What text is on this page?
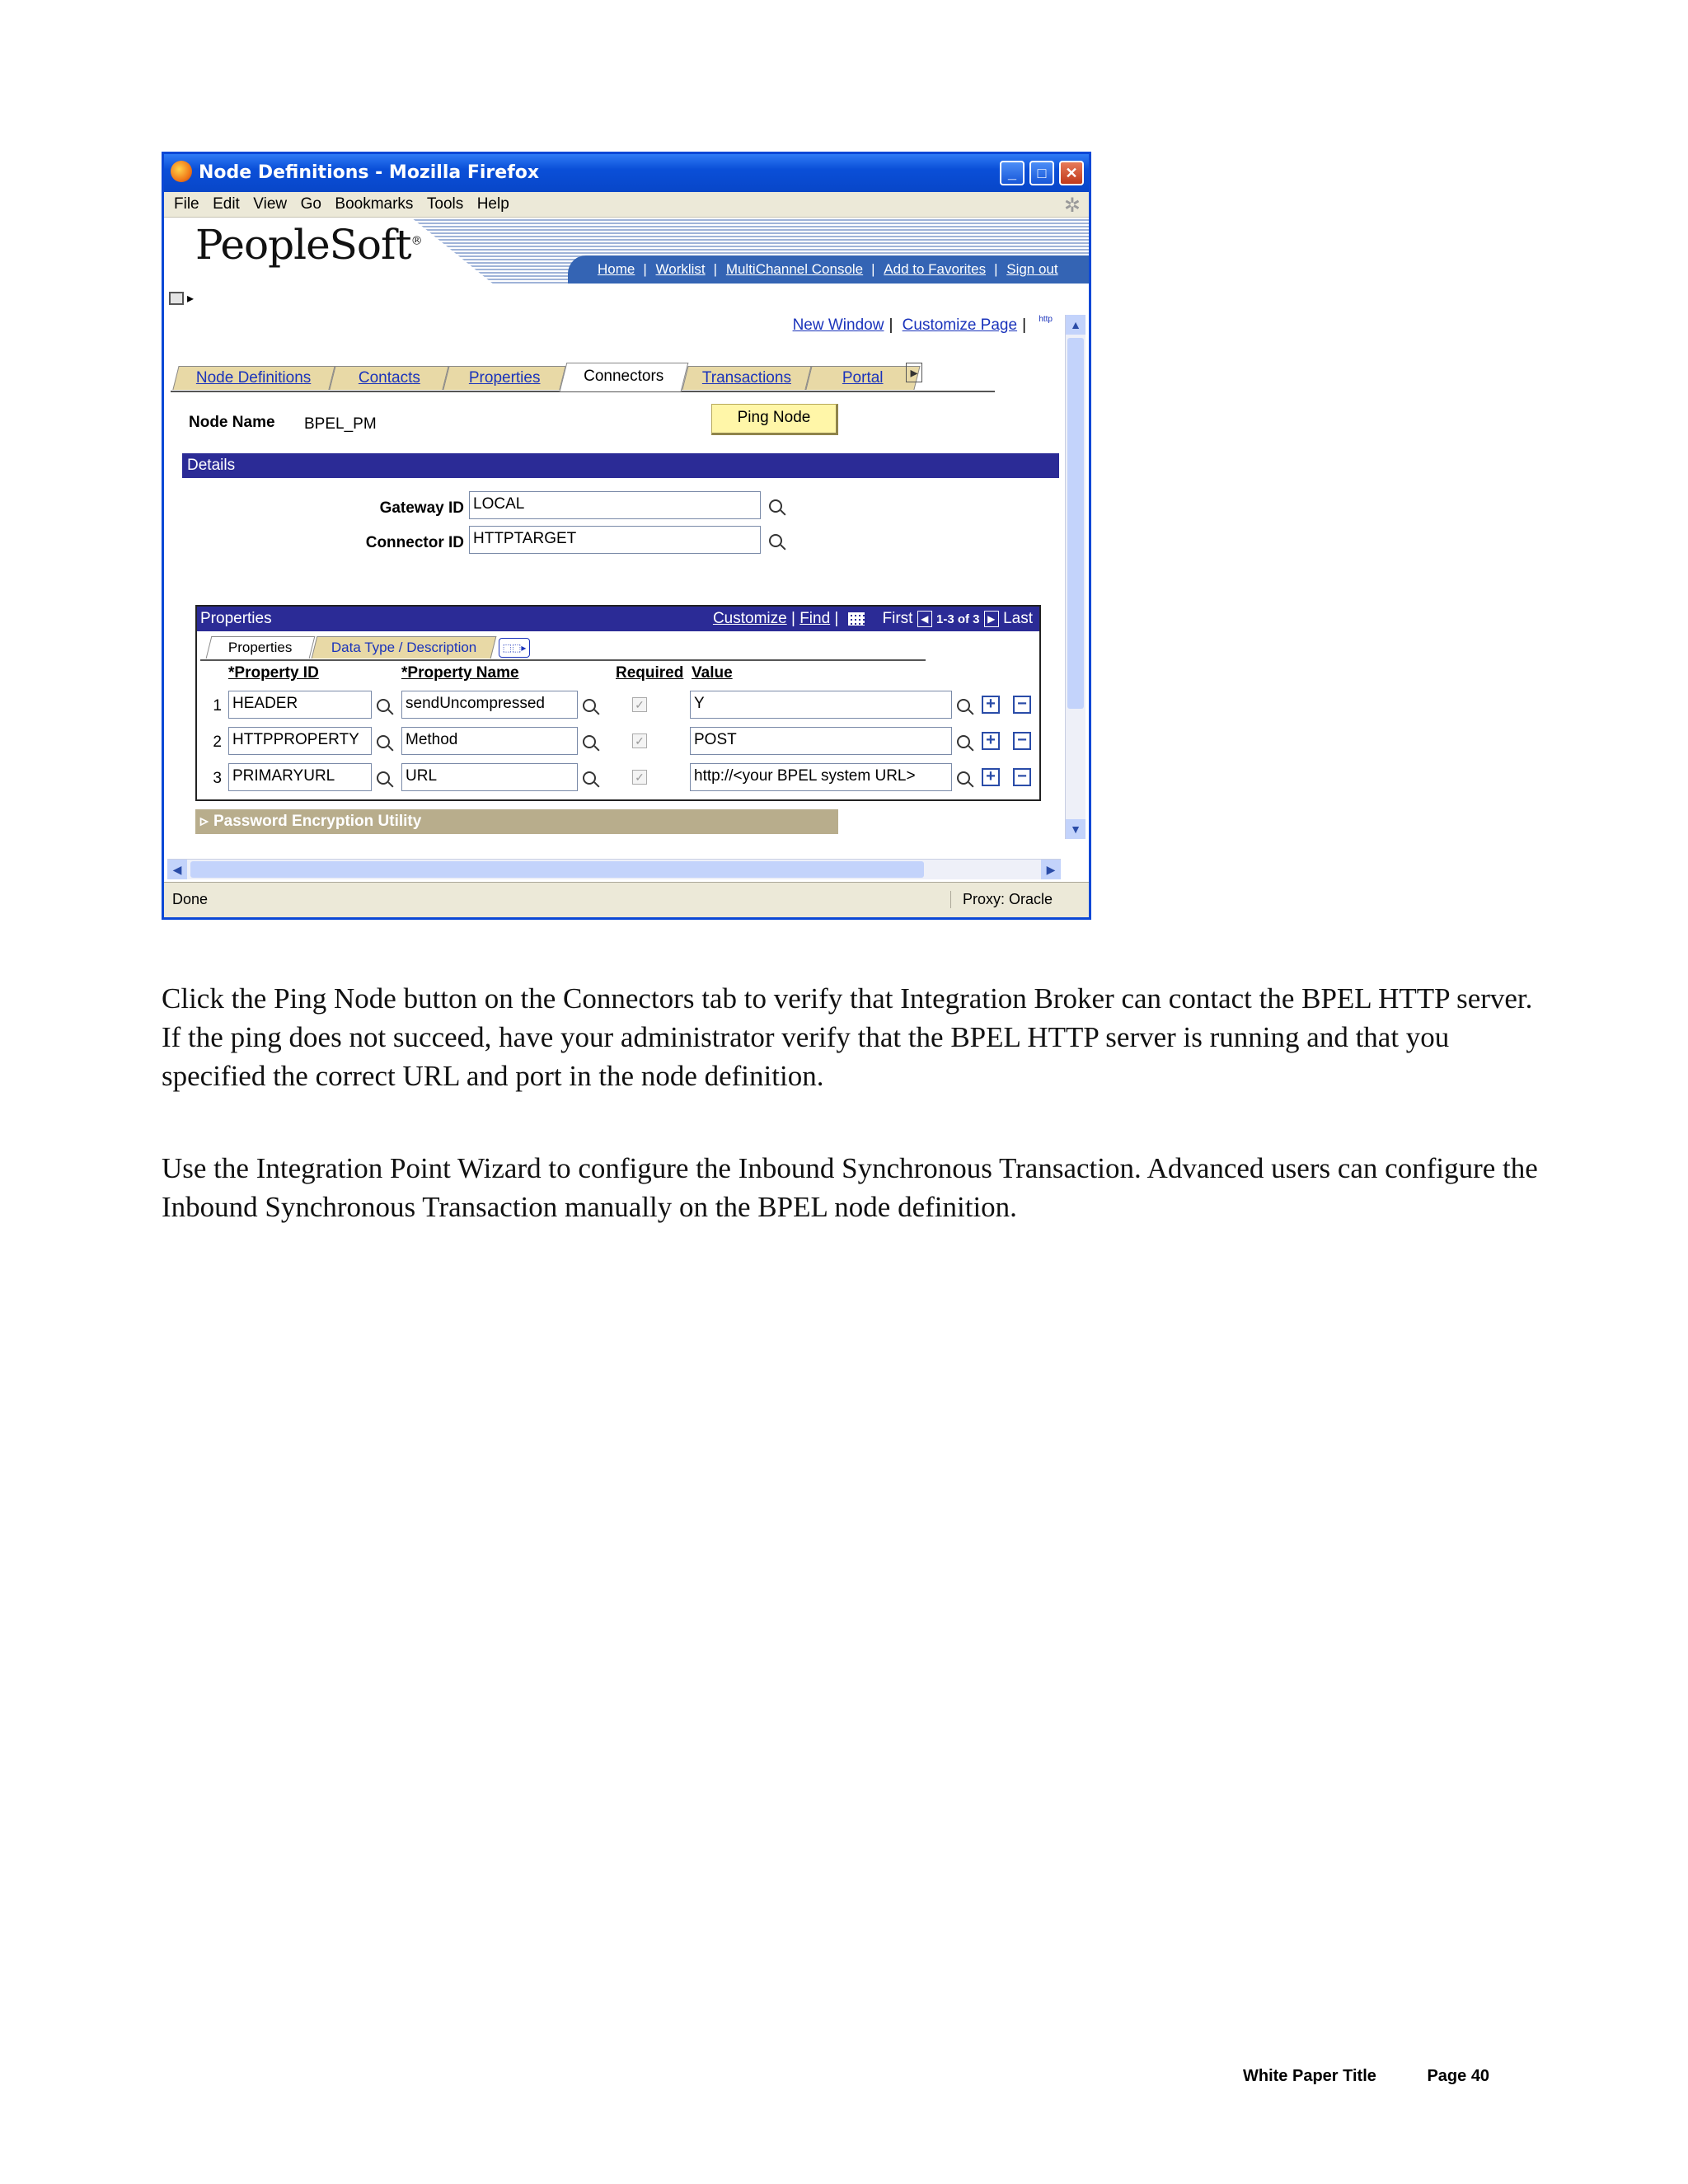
Node Definitions - Mozilla Firefox	_	□	✕
File Edit View Go Bookmarks Tools Help	✲
PeopleSoft®
Home | Worklist | MultiChannel Console | Add to Favorites | Sign out
▸
New Window | Customize Page |	http	▲
▼
Node Definitions	Contacts	Properties	Connectors	Transactions	Portal	▸
Node Name BPEL_PM	Ping Node
Details
Gateway ID LOCAL
Connector ID HTTPTARGET
Properties	Customize | Find |	First ◀ 1-3 of 3 ▶ Last
Properties	Data Type / Description	⬚⬚▸
*Property ID	*Property Name	Required Value
1 HEADER	sendUncompressed	✓	Y	+ −
2 HTTPPROPERTY	Method	✓	POST	+ −
3 PRIMARYURL	URL	✓	http://<your BPEL system URL>	+ −
▹ Password Encryption Utility
◀	▶
Done	Proxy: Oracle

Click the Ping Node button on the Connectors tab to verify that Integration Broker can contact the BPEL HTTP server. If the ping does not succeed, have your administrator verify that the BPEL HTTP server is running and that you specified the correct URL and port in the node definition.

Use the Integration Point Wizard to configure the Inbound Synchronous Transaction. Advanced users can configure the Inbound Synchronous Transaction manually on the BPEL node definition.

White Paper Title	Page 40
